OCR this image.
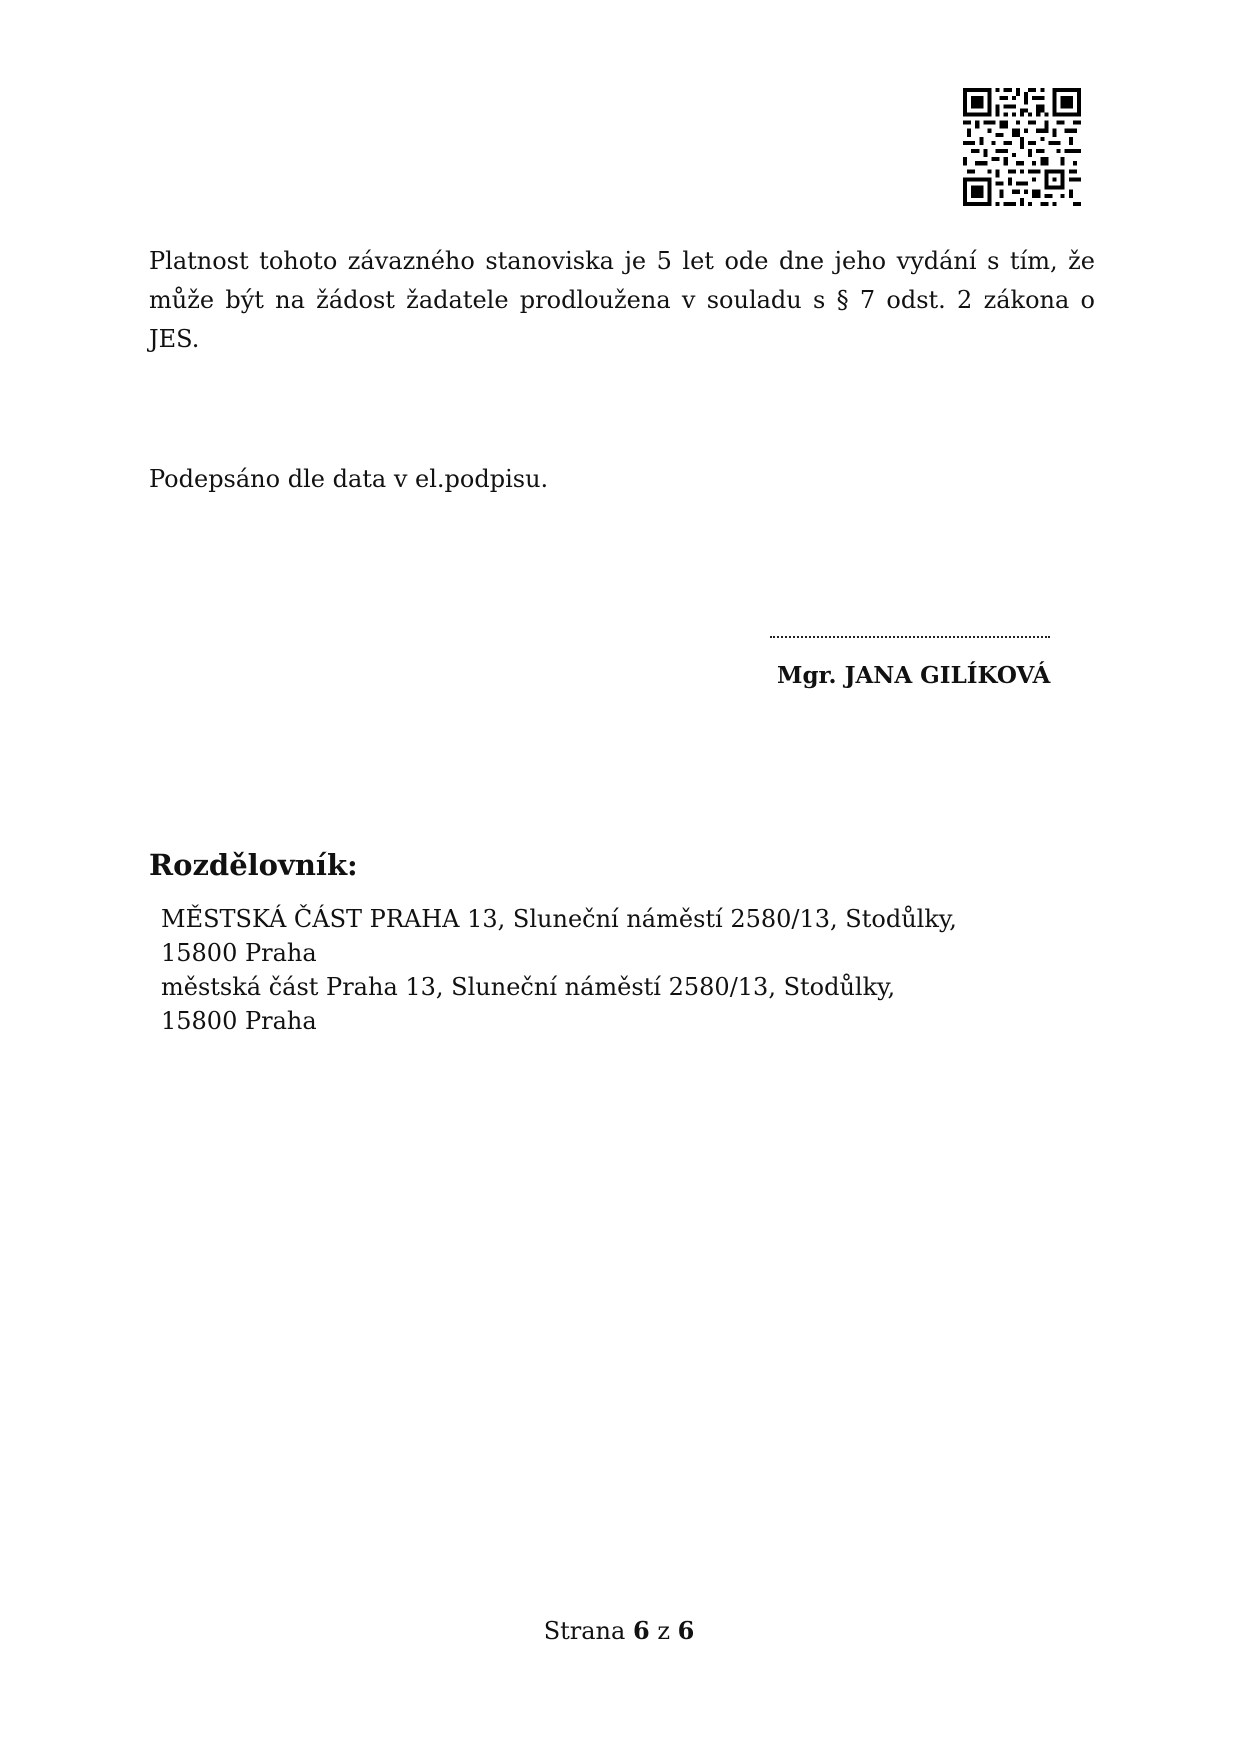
Platnost tohoto závazného stanoviska je 5 let ode dne jeho vydání s tím, že může být na žádost žadatele prodloužena v souladu s § 7 odst. 2 zákona o JES.

Podepsáno dle data v el.podpisu.

Mgr. JANA GILÍKOVÁ

Rozdělovník:
MĚSTSKÁ ČÁST PRAHA 13, Sluneční náměstí 2580/13, Stodůlky,
15800 Praha
městská část Praha 13, Sluneční náměstí 2580/13, Stodůlky,
15800 Praha

Strana 6 z 6
